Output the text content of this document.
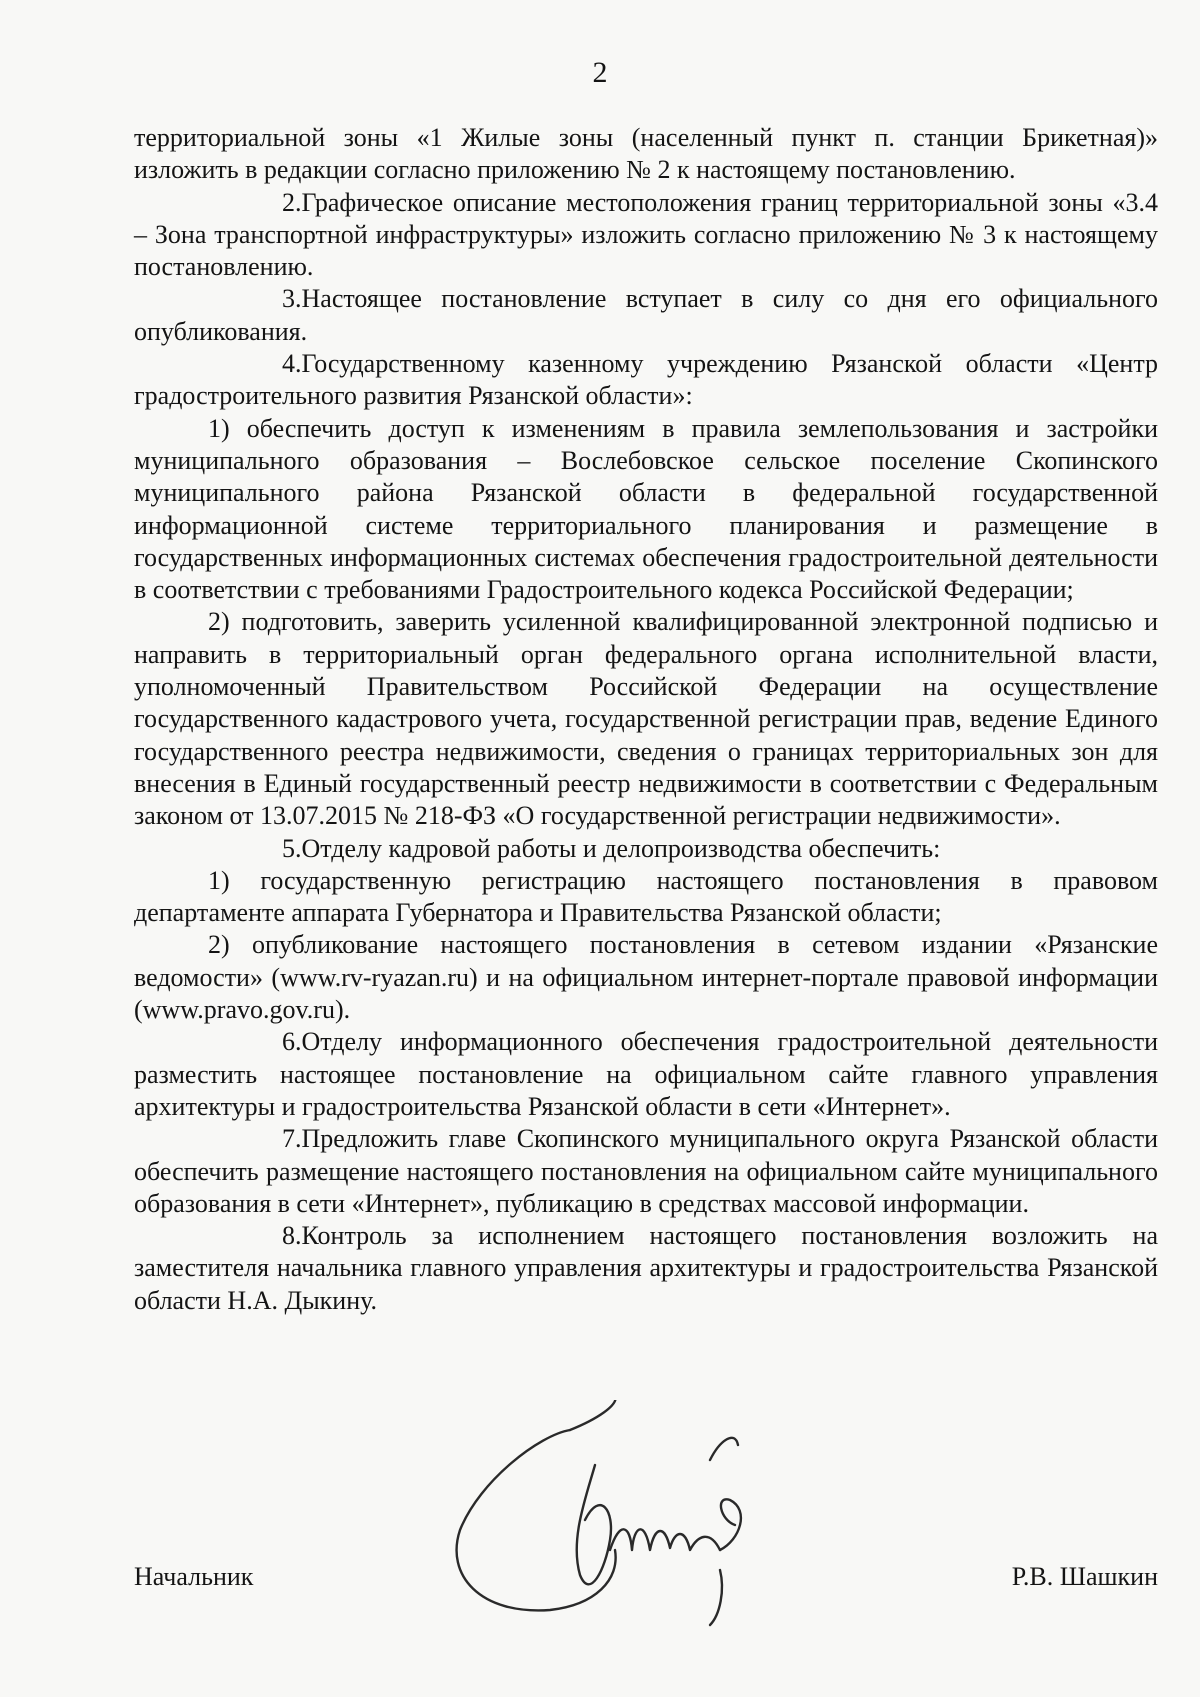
2

территориальной зоны «1 Жилые зоны (населенный пункт п. станции Брикетная)» изложить в редакции согласно приложению № 2 к настоящему постановлению.

2.Графическое описание местоположения границ территориальной зоны «3.4 – Зона транспортной инфраструктуры» изложить согласно приложению № 3 к настоящему постановлению.

3.Настоящее постановление вступает в силу со дня его официального опубликования.

4.Государственному казенному учреждению Рязанской области «Центр градостроительного развития Рязанской области»:

1) обеспечить доступ к изменениям в правила землепользования и застройки муниципального образования – Вослебовское сельское поселение Скопинского муниципального района Рязанской области в федеральной государственной информационной системе территориального планирования и размещение в государственных информационных системах обеспечения градостроительной деятельности в соответствии с требованиями Градостроительного кодекса Российской Федерации;

2) подготовить, заверить усиленной квалифицированной электронной подписью и направить в территориальный орган федерального органа исполнительной власти, уполномоченный Правительством Российской Федерации на осуществление государственного кадастрового учета, государственной регистрации прав, ведение Единого государственного реестра недвижимости, сведения о границах территориальных зон для внесения в Единый государственный реестр недвижимости в соответствии с Федеральным законом от 13.07.2015 № 218-ФЗ «О государственной регистрации недвижимости».

5.Отделу кадровой работы и делопроизводства обеспечить:

1) государственную регистрацию настоящего постановления в правовом департаменте аппарата Губернатора и Правительства Рязанской области;

2) опубликование настоящего постановления в сетевом издании «Рязанские ведомости» (www.rv-ryazan.ru) и на официальном интернет-портале правовой информации (www.pravo.gov.ru).

6.Отделу информационного обеспечения градостроительной деятельности разместить настоящее постановление на официальном сайте главного управления архитектуры и градостроительства Рязанской области в сети «Интернет».

7.Предложить главе Скопинского муниципального округа Рязанской области обеспечить размещение настоящего постановления на официальном сайте муниципального образования в сети «Интернет», публикацию в средствах массовой информации.

8.Контроль за исполнением настоящего постановления возложить на заместителя начальника главного управления архитектуры и градостроительства Рязанской области Н.А. Дыкину.

Начальник	Р.В. Шашкин
